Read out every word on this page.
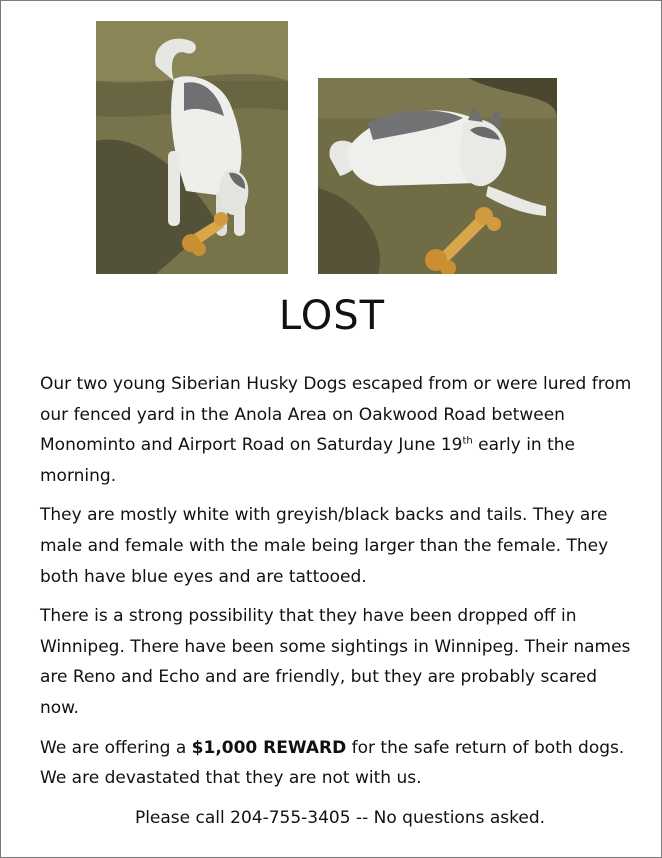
LOST

Our two young Siberian Husky Dogs escaped from or were lured from our fenced yard in the Anola Area on Oakwood Road between Monominto and Airport Road on Saturday June 19th early in the morning.

They are mostly white with greyish/black backs and tails. They are male and female with the male being larger than the female. They both have blue eyes and are tattooed.

There is a strong possibility that they have been dropped off in Winnipeg. There have been some sightings in Winnipeg. Their names are Reno and Echo and are friendly, but they are probably scared now.

We are offering a $1,000 REWARD for the safe return of both dogs. We are devastated that they are not with us.

Please call 204-755-3405 -- No questions asked.
